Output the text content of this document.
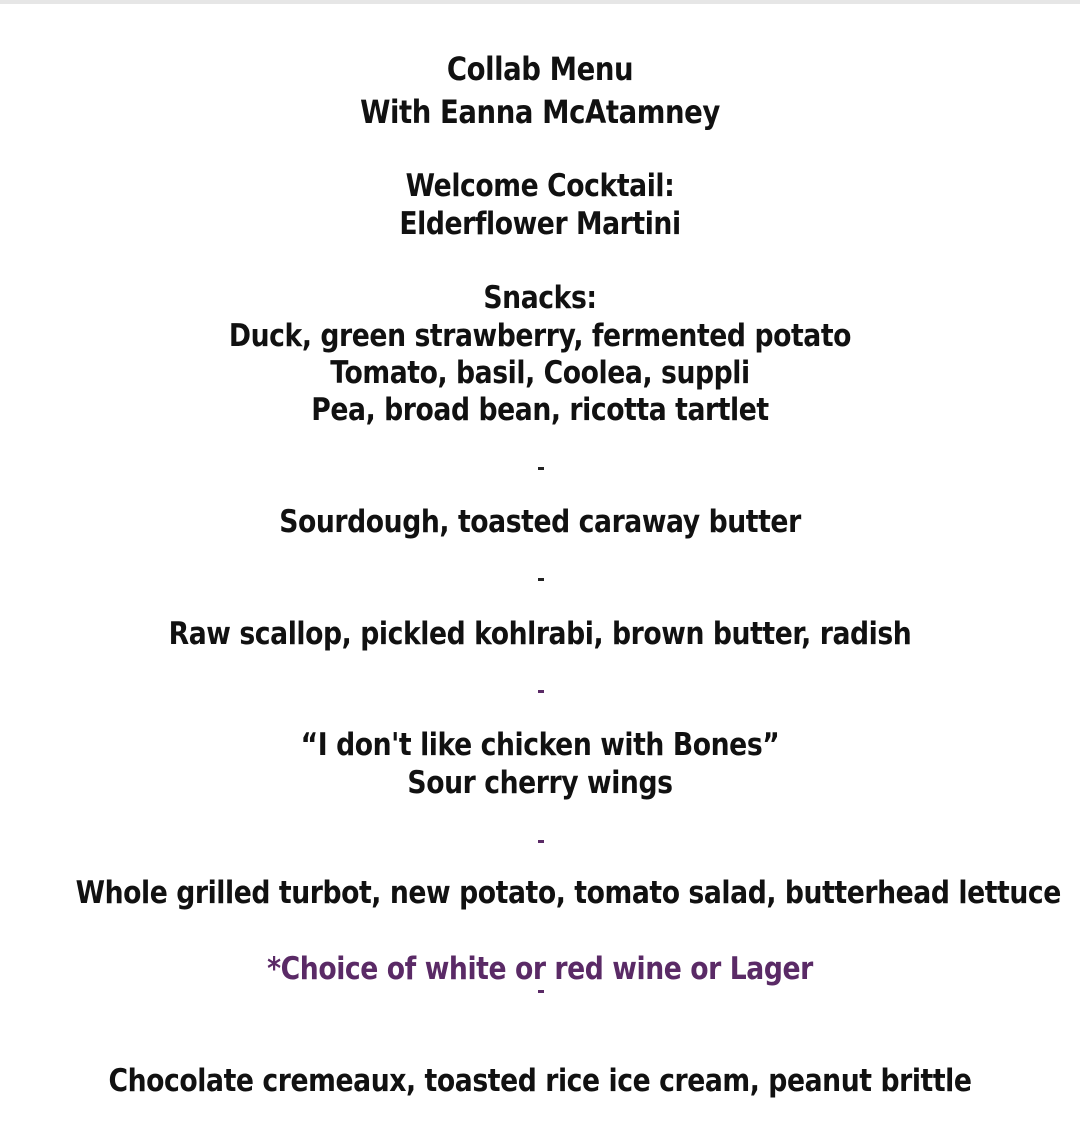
Collab Menu
With Eanna McAtamney
Welcome Cocktail:
Elderflower Martini
Snacks:
Duck, green strawberry, fermented potato
Tomato, basil, Coolea, suppli
Pea, broad bean, ricotta tartlet
Sourdough, toasted caraway butter
Raw scallop, pickled kohlrabi, brown butter, radish
“I don't like chicken with Bones”
Sour cherry wings
Whole grilled turbot, new potato, tomato salad, butterhead lettuce
*Choice of white or red wine or Lager
Chocolate cremeaux, toasted rice ice cream, peanut brittle
